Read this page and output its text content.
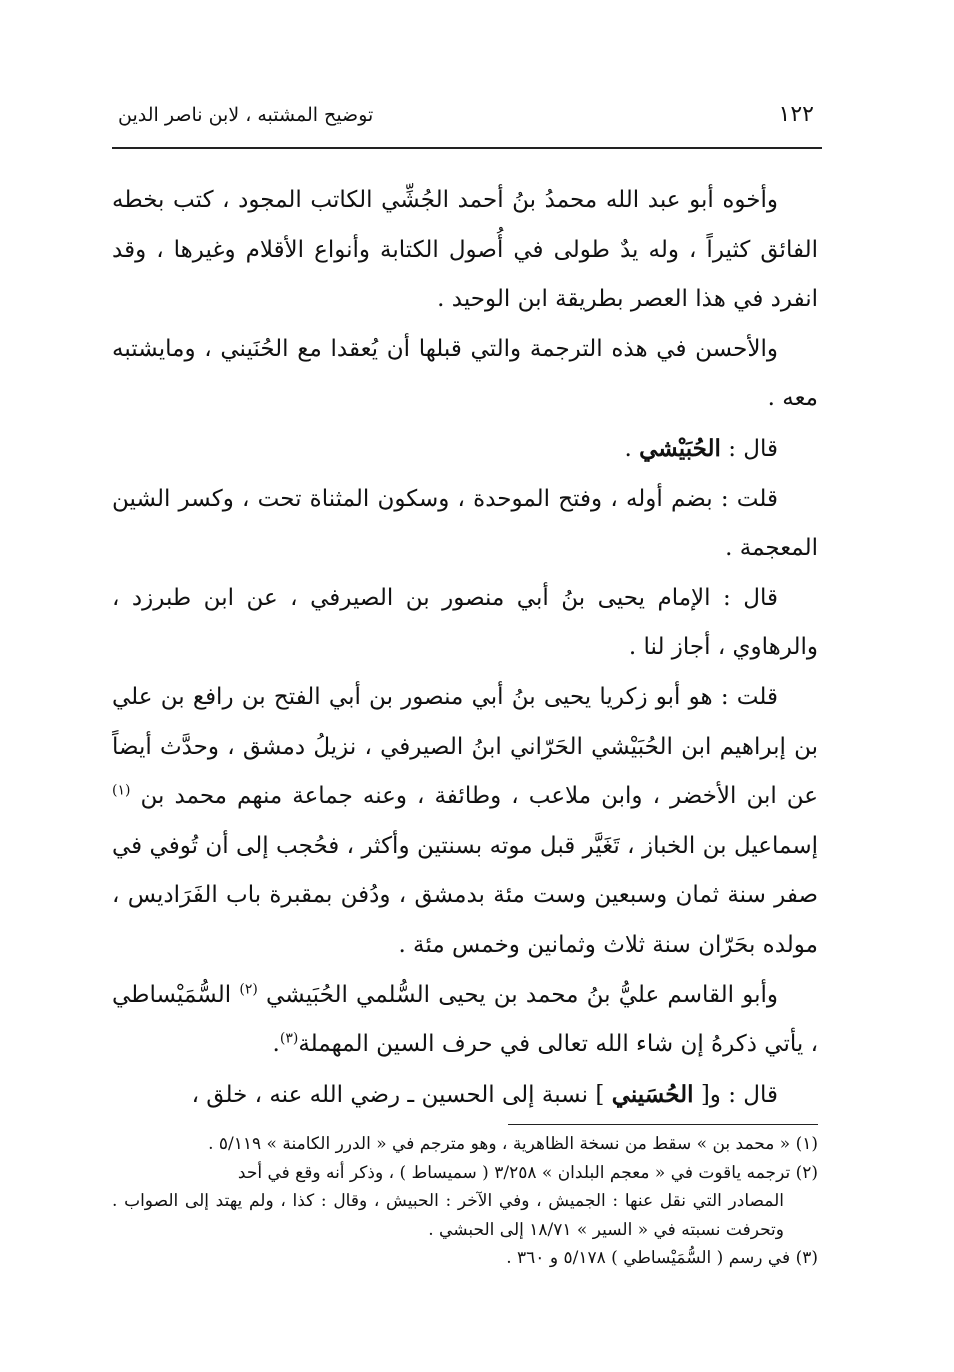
١٢٢
توضيح المشتبه ، لابن ناصر الدين

وأخوه أبو عبد الله محمدُ بنُ أحمد الجُشِّي الكاتب المجود ، كتب بخطه الفائق كثيراً ، وله يدٌ طولى في أُصول الكتابة وأنواع الأقلام وغيرها ، وقد انفرد في هذا العصر بطريقة ابن الوحيد .

والأحسن في هذه الترجمة والتي قبلها أن يُعقدا مع الحُنَيني ، ومايشتبه معه .

قال : الحُبَيْشي .

قلت : بضم أوله ، وفتح الموحدة ، وسكون المثناة تحت ، وكسر الشين المعجمة .

قال : الإمام يحيى بنُ أبي منصور بن الصيرفي ، عن ابن طبرزد ، والرهاوي ، أجاز لنا .

قلت : هو أبو زكريا يحيى بنُ أبي منصور بن أبي الفتح بن رافع بن علي بن إبراهيم ابن الحُبَيْشي الحَرّاني ابنُ الصيرفي ، نزيلُ دمشق ، وحدَّث أيضاً عن ابن الأخضر ، وابن ملاعب ، وطائفة ، وعنه جماعة منهم محمد بن $^{(١)}$ إسماعيل بن الخباز ، تَغَيَّر قبل موته بسنتين وأكثر ، فحُجب إلى أن تُوفي في صفر سنة ثمان وسبعين وست مئة بدمشق ، ودُفن بمقبرة باب الفَرَاديس ، مولده بحَرّان سنة ثلاث وثمانين وخمس مئة .

وأبو القاسم عليُّ بنُ محمد بن يحيى السُّلمي الحُبَيشي $^{(٢)}$ السُّمَيْساطي ، يأتي ذكرهُ إن شاء الله تعالى في حرف السين المهملة$^{(٣)}$.

قال : و[ الحُسَيني ] نسبة إلى الحسين ـ رضي الله عنه ، خلق ،

(١) « محمد بن » سقط من نسخة الظاهرية ، وهو مترجم في « الدرر الكامنة » ٥/١١٩ .

(٢) ترجمه ياقوت في « معجم البلدان » ٣/٢٥٨ ( سميساط ) ، وذكر أنه وقع في أحد

المصادر التي نقل عنها : الجميش ، وفي الآخر : الحبيش ، وقال : كذا ، ولم يهتد إلى الصواب . وتحرفت نسبته في « السير » ١٨/٧١ إلى الحبشي .

(٣) في رسم ( السُّمَيْساطي ) ٥/١٧٨ و ٣٦٠ .
